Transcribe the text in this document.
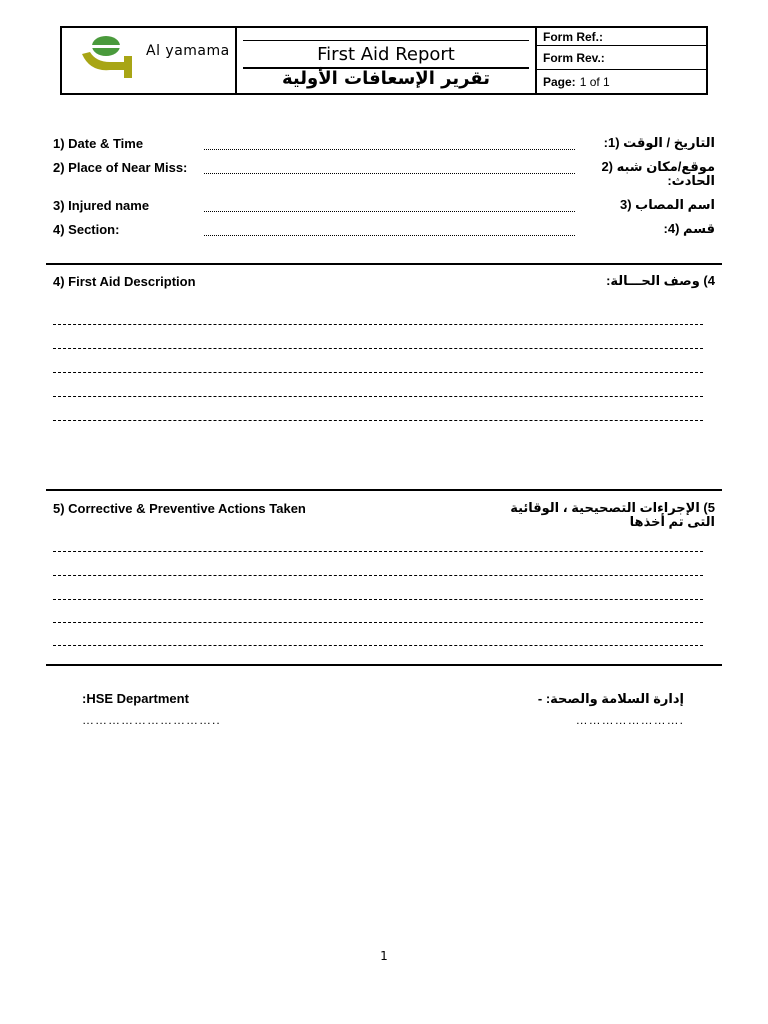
Al yamama	First Aid Report
تقرير الإسعافات الأولية
Form Ref.:
Form Rev.:
Page: 1 of 1
1) Date & Time	التاريخ / الوقت (1:
2) Place of Near Miss:	موقع/مكان شبه (2 الحادث:
3) Injured name	اسم المصاب (3
4) Section:	قسم (4:
4) First Aid Description	4) وصف الحـــالة:
5) Corrective & Preventive Actions Taken	5) الإجراءات التصحيحية ، الوقائية التى تم أخذها
:HSE Department	إدارة السلامة والصحة: -
…………………………..	…………………….
1
